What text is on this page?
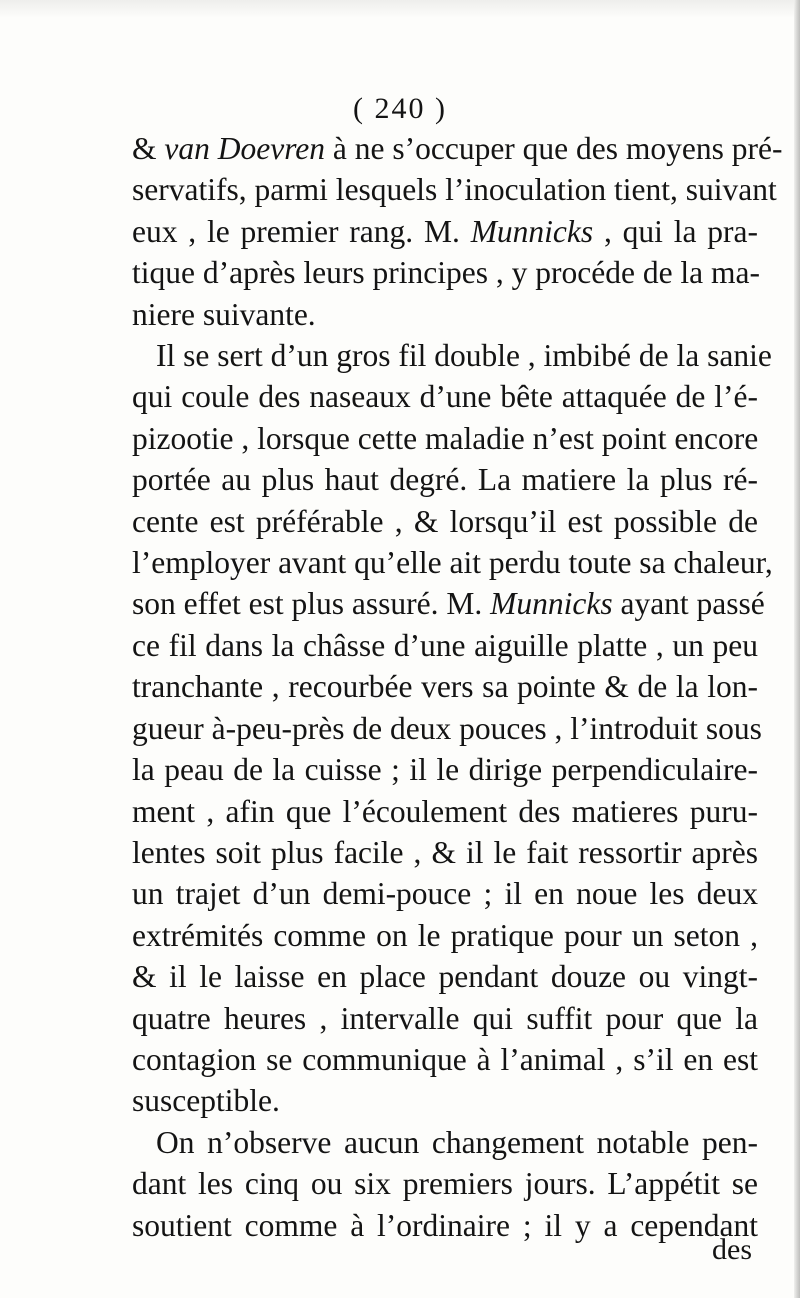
( 240 )
& van Doevren à ne s’occuper que des moyens pré-
servatifs, parmi lesquels l’inoculation tient, suivant
eux , le premier rang. M. Munnicks , qui la pra-
tique d’après leurs principes , y procéde de la ma-
niere suivante.
Il se sert d’un gros fil double , imbibé de la sanie
qui coule des naseaux d’une bête attaquée de l’é-
pizootie , lorsque cette maladie n’est point encore
portée au plus haut degré. La matiere la plus ré-
cente est préférable , & lorsqu’il est possible de
l’employer avant qu’elle ait perdu toute sa chaleur,
son effet est plus assuré. M. Munnicks ayant passé
ce fil dans la châsse d’une aiguille platte , un peu
tranchante , recourbée vers sa pointe & de la lon-
gueur à-peu-près de deux pouces , l’introduit sous
la peau de la cuisse ; il le dirige perpendiculaire-
ment , afin que l’écoulement des matieres puru-
lentes soit plus facile , & il le fait ressortir après
un trajet d’un demi-pouce ; il en noue les deux
extrémités comme on le pratique pour un seton ,
& il le laisse en place pendant douze ou vingt-
quatre heures , intervalle qui suffit pour que la
contagion se communique à l’animal , s’il en est
susceptible.
On n’observe aucun changement notable pen-
dant les cinq ou six premiers jours. L’appétit se
soutient comme à l’ordinaire ; il y a cependant
des
